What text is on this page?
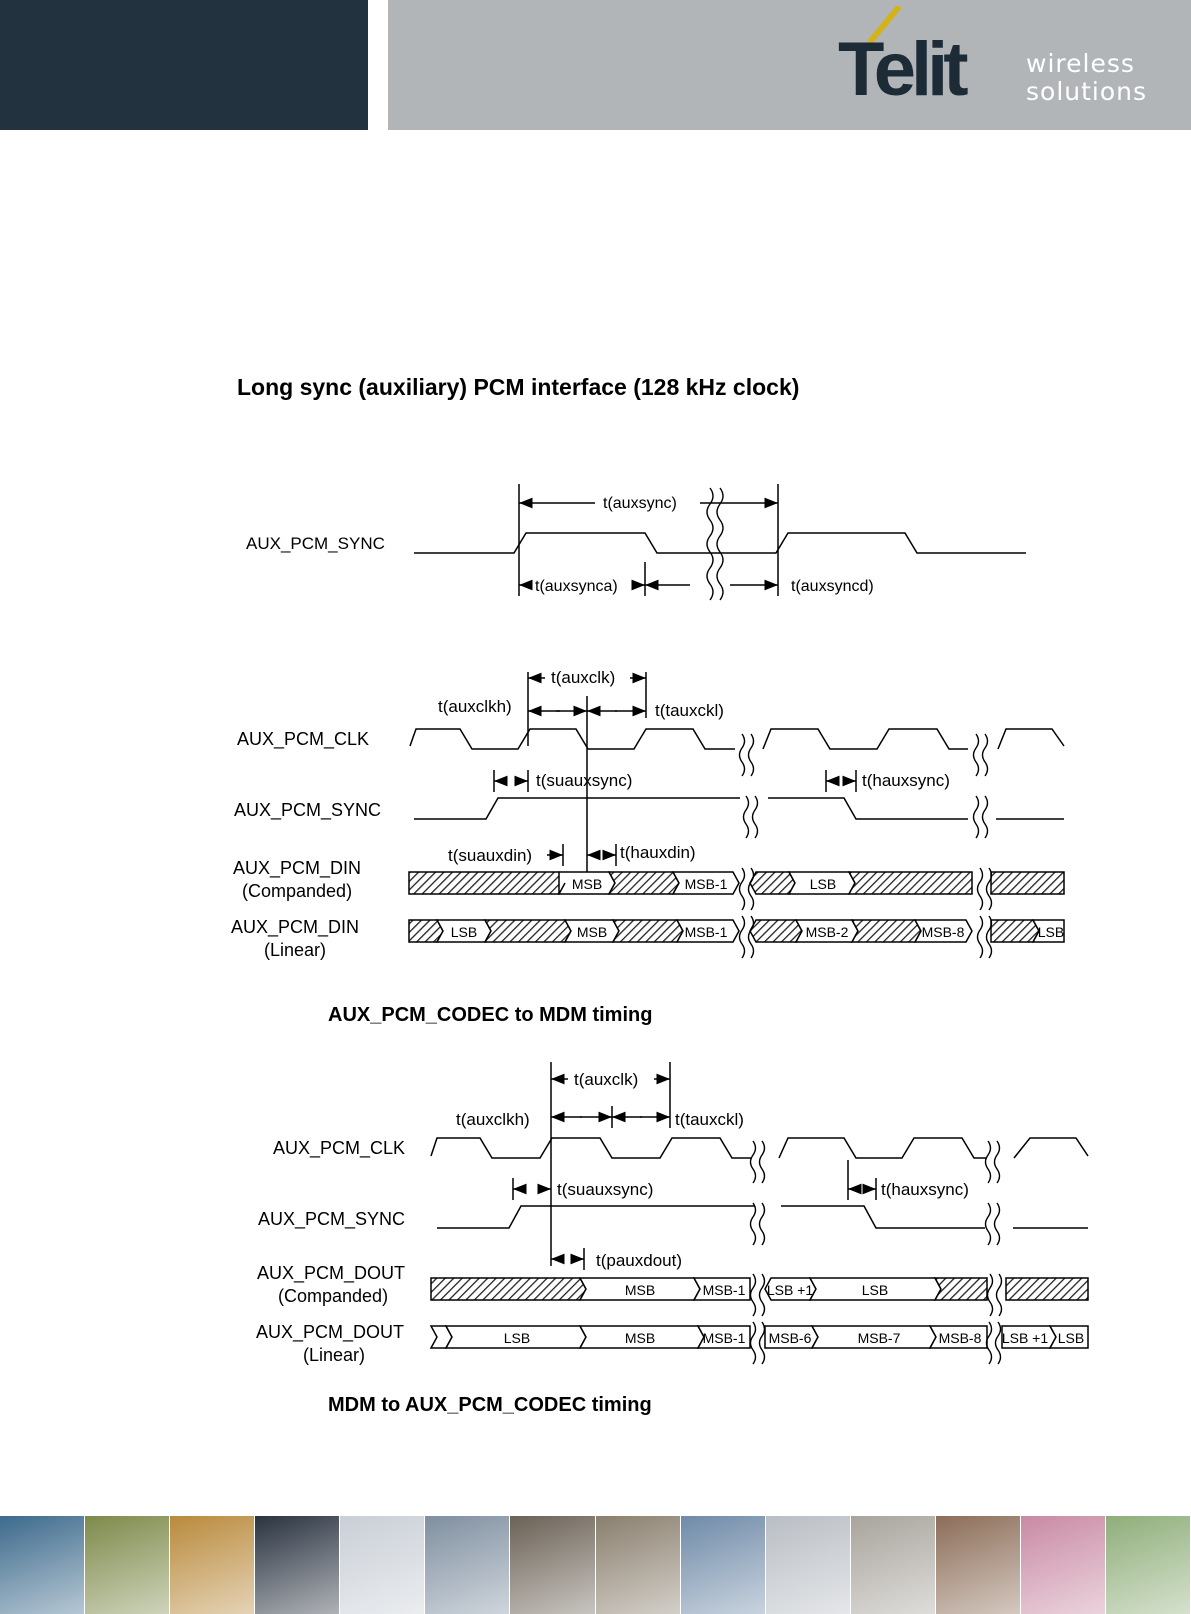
Telit wireless
solutions
Long sync (auxiliary) PCM interface (128 kHz clock)
AUX_PCM_SYNC
t(auxsync)
t(auxsynca)	t(auxsyncd)
AUX_PCM_CLK
AUX_PCM_SYNC
AUX_PCM_DIN
(Companded)
AUX_PCM_DIN
(Linear)
t(auxclk)
t(auxclkh)	t(tauxckl)
t(suauxsync)	t(hauxsync)
t(suauxdin)	t(hauxdin)
MSB	MSB-1	LSB
LSB	MSB	MSB-1	MSB-2	MSB-8	LSB
AUX_PCM_CODEC to MDM timing
AUX_PCM_CLK
AUX_PCM_SYNC
AUX_PCM_DOUT
(Companded)
AUX_PCM_DOUT
(Linear)
t(auxclk)
t(auxclkh)	t(tauxckl)
t(suauxsync)	t(hauxsync)
t(pauxdout)
MSB	MSB-1 LSB +1	LSB
LSB	MSB	MSB-1 MSB-6	MSB-7	MSB-8 LSB +1 LSB
MDM to AUX_PCM_CODEC timing
